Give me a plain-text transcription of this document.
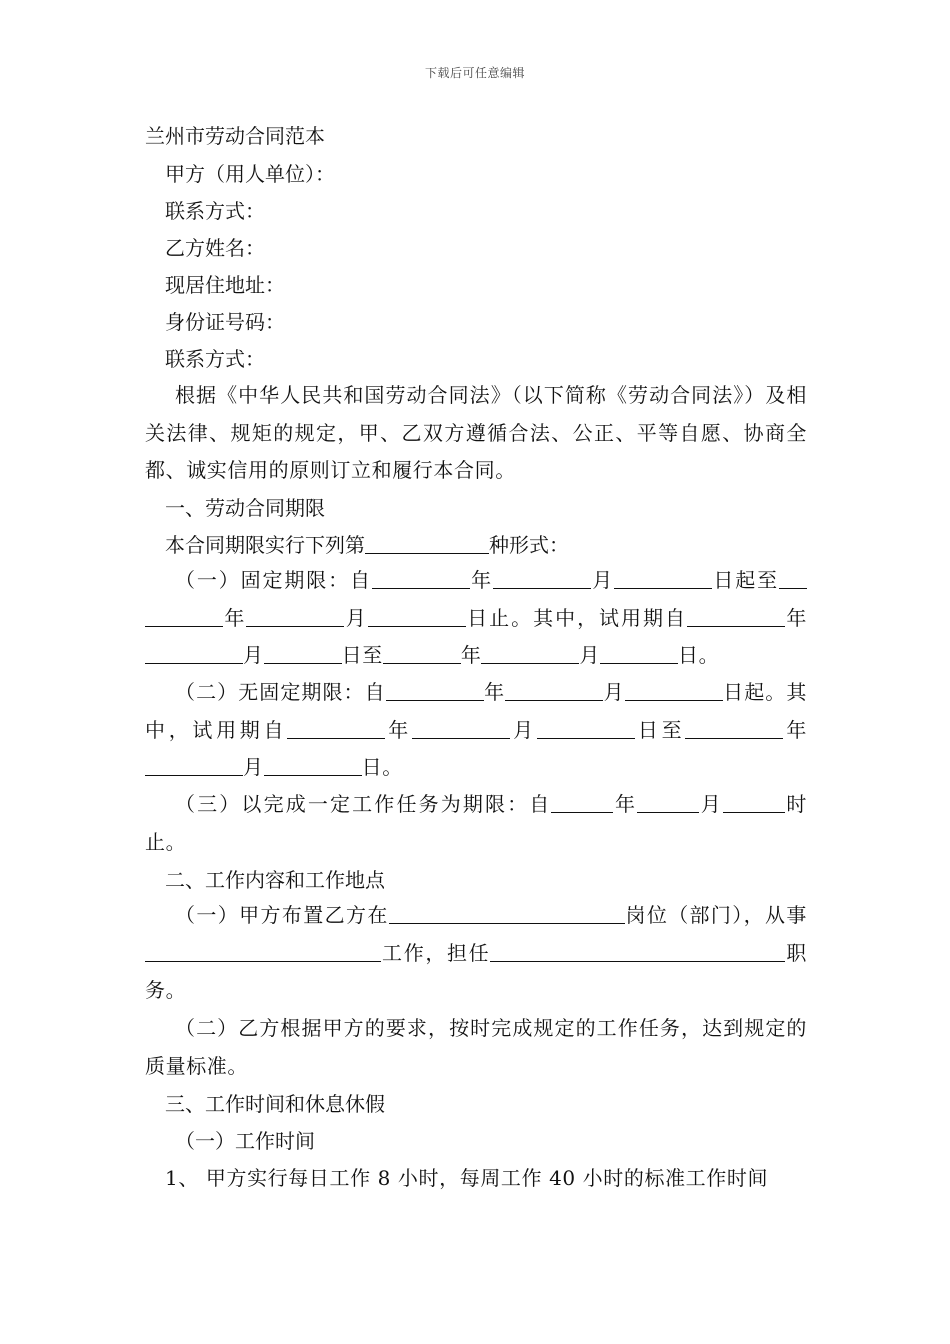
下载后可任意编辑
兰州市劳动合同范本
甲方（用人单位）：
联系方式：
乙方姓名：
现居住地址：
身份证号码：
联系方式：
根据《中华人民共和国劳动合同法》（以下简称《劳动合同法》）及相关法律、规矩的规定，甲、乙双方遵循合法、公正、平等自愿、协商全都、诚实信用的原则订立和履行本合同。
一、劳动合同期限
本合同期限实行下列第	种形式：
（一）固定期限：自	年	月	日起至年	月	日止。其中，试用期自	年月	日至	年	月	日。
（二）无固定期限：自	年	月	日起。其中，试用期自	年	月	日至	年月	日。
（三）以完成一定工作任务为期限：自	年	月	时止。
二、工作内容和工作地点
（一）甲方布置乙方在	岗位（部门），从事工作，担任	职务。
（二）乙方根据甲方的要求，按时完成规定的工作任务，达到规定的质量标准。
三、工作时间和休息休假
（一）工作时间
1、 甲方实行每日工作 8 小时，每周工作 40 小时的标准工作时间
